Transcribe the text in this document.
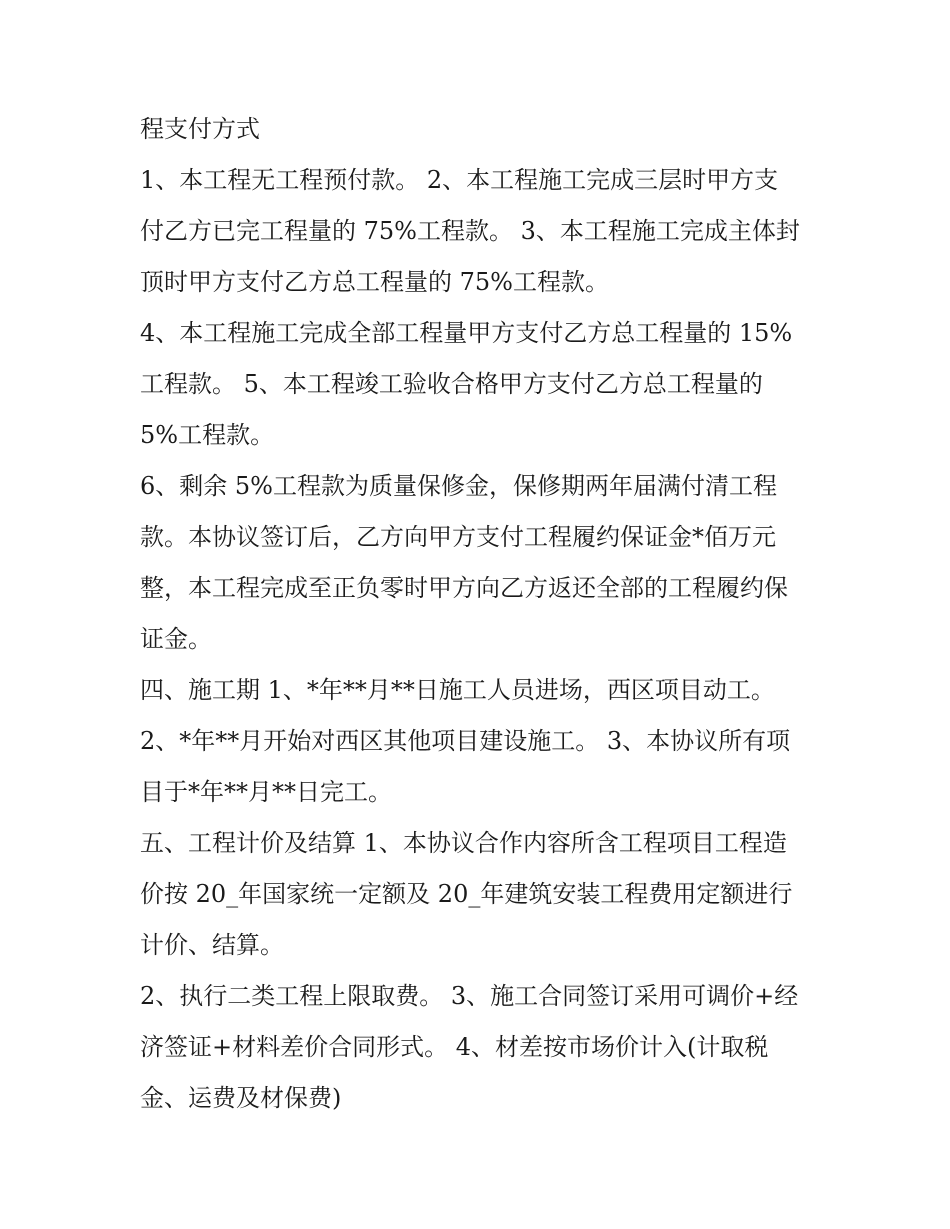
程支付方式
1、本工程无工程预付款。 2、本工程施工完成三层时甲方支
付乙方已完工程量的 75%工程款。 3、本工程施工完成主体封
顶时甲方支付乙方总工程量的 75%工程款。
4、本工程施工完成全部工程量甲方支付乙方总工程量的 15%
工程款。 5、本工程竣工验收合格甲方支付乙方总工程量的
5%工程款。
6、剩余 5%工程款为质量保修金，保修期两年届满付清工程
款。本协议签订后，乙方向甲方支付工程履约保证金*佰万元
整，本工程完成至正负零时甲方向乙方返还全部的工程履约保
证金。
四、施工期 1、*年**月**日施工人员进场，西区项目动工。
2、*年**月开始对西区其他项目建设施工。 3、本协议所有项
目于*年**月**日完工。
五、工程计价及结算 1、本协议合作内容所含工程项目工程造
价按 20_年国家统一定额及 20_年建筑安装工程费用定额进行
计价、结算。
2、执行二类工程上限取费。 3、施工合同签订采用可调价+经
济签证+材料差价合同形式。 4、材差按市场价计入(计取税
金、运费及材保费)
